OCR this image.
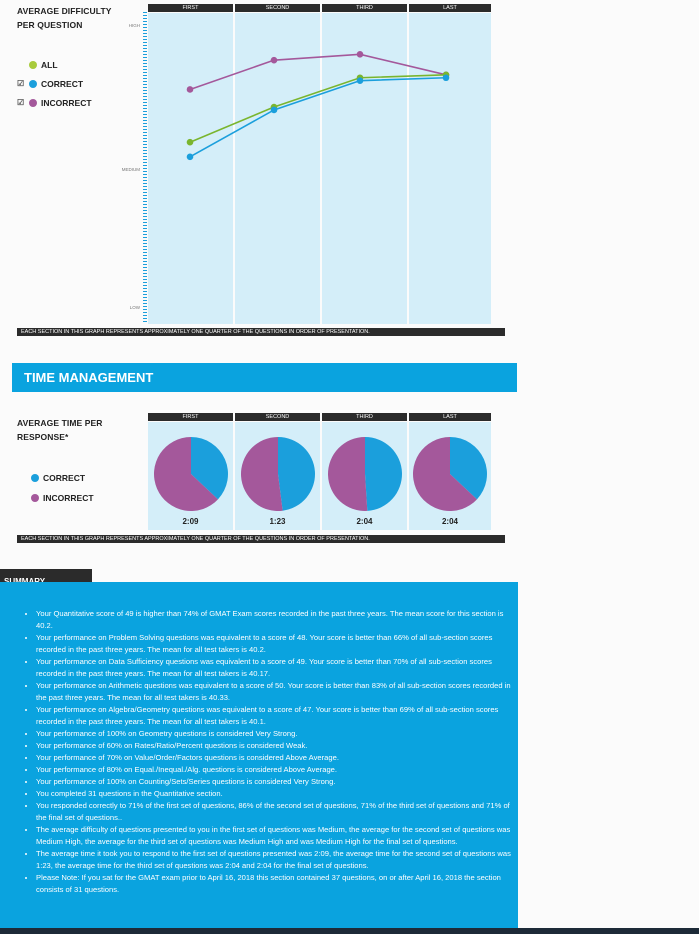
AVERAGE DIFFICULTY
PER QUESTION
ALL
☑ CORRECT
☑ INCORRECT
HIGH
MEDIUM
LOW
FIRST	SECOND	THIRD	LAST
EACH SECTION IN THIS GRAPH REPRESENTS APPROXIMATELY ONE QUARTER OF THE QUESTIONS IN ORDER OF PRESENTATION.
TIME MANAGEMENT
AVERAGE TIME PER
RESPONSE*
CORRECT
INCORRECT
FIRST	SECOND	THIRD	LAST
2:09	1:23	2:04	2:04
EACH SECTION IN THIS GRAPH REPRESENTS APPROXIMATELY ONE QUARTER OF THE QUESTIONS IN ORDER OF PRESENTATION.
• Your Quantitative score of 49 is higher than 74% of GMAT Exam scores recorded in the past three years. The mean score for this section is 40.2.
• Your performance on Problem Solving questions was equivalent to a score of 48. Your score is better than 66% of all sub-section scores recorded in the past three years. The mean for all test takers is 40.2.
• Your performance on Data Sufficiency questions was equivalent to a score of 49. Your score is better than 70% of all sub-section scores recorded in the past three years. The mean for all test takers is 40.17.
• Your performance on Arithmetic questions was equivalent to a score of 50. Your score is better than 83% of all sub-section scores recorded in the past three years. The mean for all test takers is 40.33.
• Your performance on Algebra/Geometry questions was equivalent to a score of 47. Your score is better than 69% of all sub-section scores recorded in the past three years. The mean for all test takers is 40.1.
• Your performance of 100% on Geometry questions is considered Very Strong.
• Your performance of 60% on Rates/Ratio/Percent questions is considered Weak.
• Your performance of 70% on Value/Order/Factors questions is considered Above Average.
• Your performance of 80% on Equal./Inequal./Alg. questions is considered Above Average.
• Your performance of 100% on Counting/Sets/Series questions is considered Very Strong.
• You completed 31 questions in the Quantitative section.
• You responded correctly to 71% of the first set of questions, 86% of the second set of questions, 71% of the third set of questions and 71% of the final set of questions..
• The average difficulty of questions presented to you in the first set of questions was Medium, the average for the second set of questions was Medium High, the average for the third set of questions was Medium High and was Medium High for the final set of questions.
• The average time it took you to respond to the first set of questions presented was 2:09, the average time for the second set of questions was 1:23, the average time for the third set of questions was 2:04 and 2:04 for the final set of questions.
• Please Note: If you sat for the GMAT exam prior to April 16, 2018 this section contained 37 questions, on or after April 16, 2018 the section consists of 31 questions.
